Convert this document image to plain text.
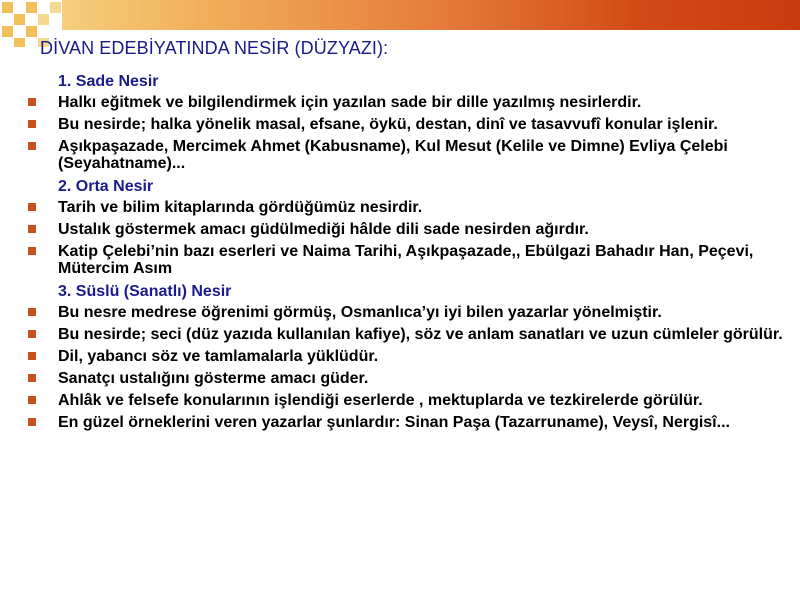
DİVAN EDEBİYATINDA NESİR (DÜZYAZI):
1. Sade Nesir
Halkı eğitmek ve bilgilendirmek için yazılan sade bir dille yazılmış nesirlerdir.
Bu nesirde; halka yönelik masal, efsane, öykü, destan, dinî ve tasavvufî konular işlenir.
Aşıkpaşazade, Mercimek Ahmet (Kabusname), Kul Mesut (Kelile ve Dimne) Evliya Çelebi (Seyahatname)...
2. Orta Nesir
Tarih ve bilim kitaplarında gördüğümüz nesirdir.
Ustalık göstermek amacı güdülmediği hâlde dili sade nesirden ağırdır.
Katip Çelebi’nin bazı eserleri ve Naima Tarihi, Aşıkpaşazade,, Ebülgazi Bahadır Han, Peçevi, Mütercim Asım
3. Süslü (Sanatlı) Nesir
Bu nesre medrese öğrenimi görmüş, Osmanlıca’yı iyi bilen yazarlar yönelmiştir.
Bu nesirde; seci (düz yazıda kullanılan kafiye), söz ve anlam sanatları ve uzun cümleler görülür.
Dil, yabancı söz ve tamlamalarla yüklüdür.
Sanatçı ustalığını gösterme amacı güder.
Ahlâk ve felsefe konularının işlendiği eserlerde , mektuplarda ve tezkirelerde görülür.
En güzel örneklerini veren yazarlar şunlardır: Sinan Paşa (Tazarruname), Veysî, Nergisî...
